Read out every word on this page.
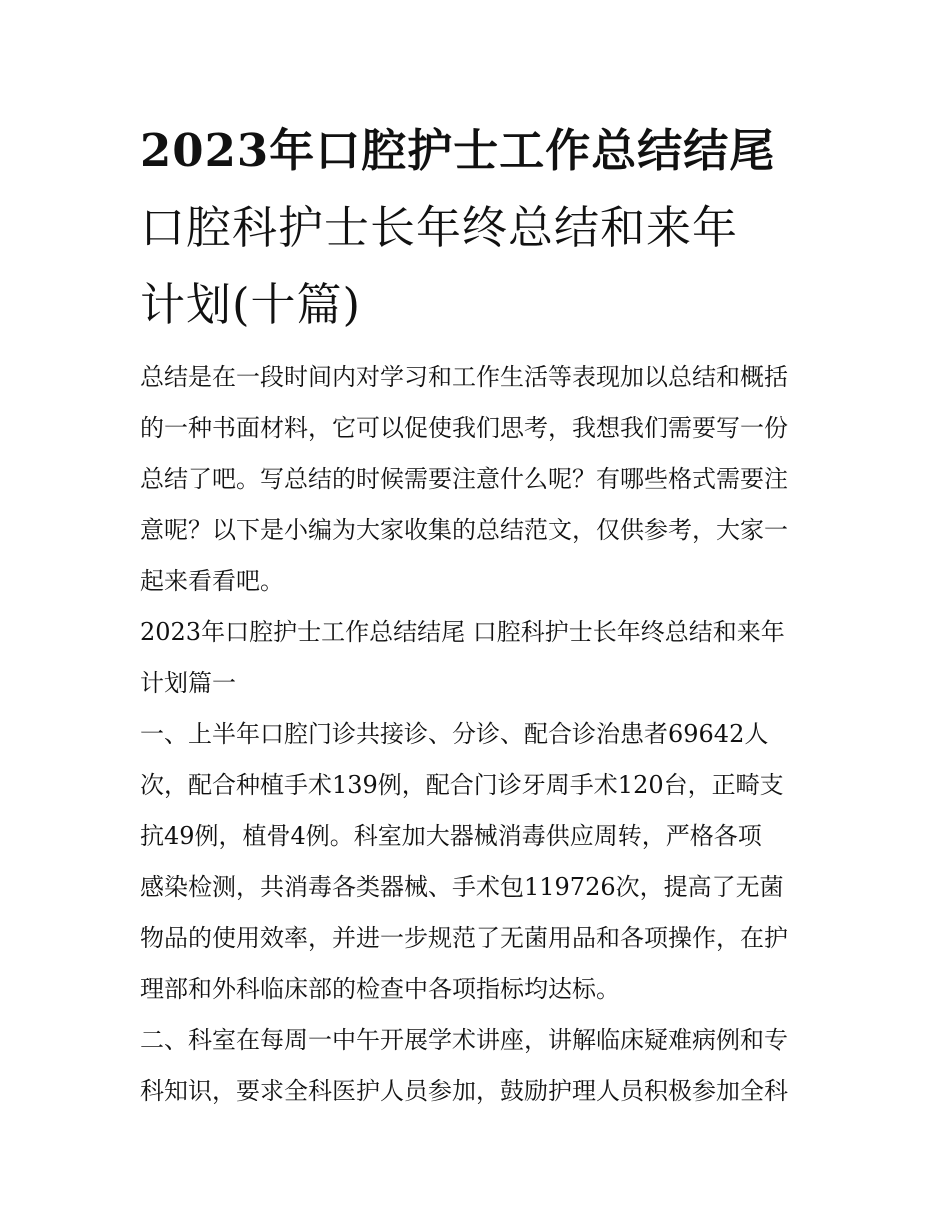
2023年口腔护士工作总结结尾
口腔科护士长年终总结和来年
计划(十篇)

总结是在一段时间内对学习和工作生活等表现加以总结和概括
的一种书面材料，它可以促使我们思考，我想我们需要写一份
总结了吧。写总结的时候需要注意什么呢？有哪些格式需要注
意呢？以下是小编为大家收集的总结范文，仅供参考，大家一
起来看看吧。

2023年口腔护士工作总结结尾 口腔科护士长年终总结和来年
计划篇一

一、上半年口腔门诊共接诊、分诊、配合诊治患者69642人
次，配合种植手术139例，配合门诊牙周手术120台，正畸支
抗49例，植骨4例。科室加大器械消毒供应周转，严格各项
感染检测，共消毒各类器械、手术包119726次，提高了无菌
物品的使用效率，并进一步规范了无菌用品和各项操作，在护
理部和外科临床部的检查中各项指标均达标。

二、科室在每周一中午开展学术讲座，讲解临床疑难病例和专
科知识，要求全科医护人员参加，鼓励护理人员积极参加全科
